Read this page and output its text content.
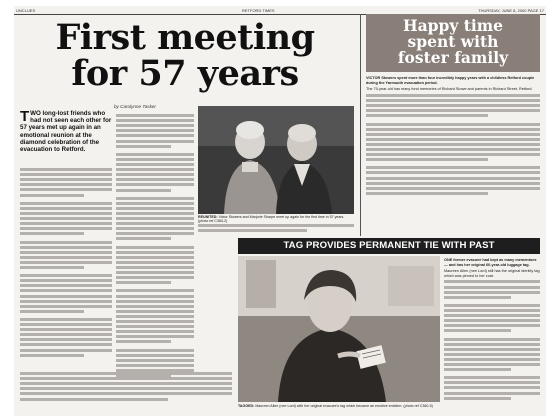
UNCLUES	RETFORD TIMES	THURSDAY, JUNE 8, 2000 PAGE 17
First meeting
for 57 years
Happy time
spent with
foster family
by Carolynne Tasker
TWO long-lost friends who had not seen each other for 57 years met up again in an emotional reunion at the diamond celebration of the evacuation to Retford.
REUNITED: Victor Stowers and Marjorie Sharpe meet up again for the first time in 57 years. (photo ref C360-2)

VICTOR Stowers spent more than four incredibly happy years with a childless Retford couple during the Yarmouth evacuation period.

The 70-year-old has many fond memories of Richard Stowe and parents in Richard Street, Retford.

TAG PROVIDES PERMANENT TIE WITH PAST
TAGGED: Maureen Allen (nee Lord) with her original evacuee's tag which became an emotive emblem. (photo ref C360-5)

ONE former evacuee had kept as many mementoes — and has her original 60-year-old luggage tag.

Maureen Allen (nee Lord) still has the original identity tag which was pinned to her coat.
